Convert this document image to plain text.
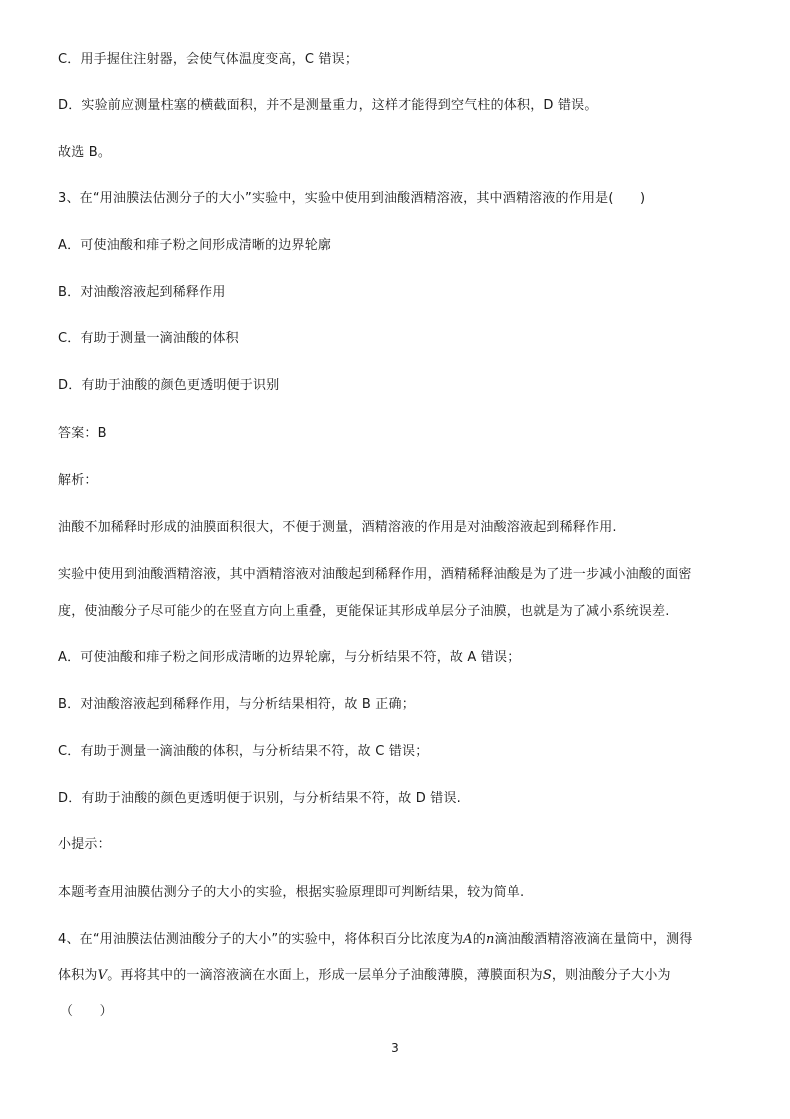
C．用手握住注射器，会使气体温度变高，C 错误；
D．实验前应测量柱塞的横截面积，并不是测量重力，这样才能得到空气柱的体积，D 错误。
故选 B。
3、在“用油膜法估测分子的大小”实验中，实验中使用到油酸酒精溶液，其中酒精溶液的作用是(　　)
A．可使油酸和痱子粉之间形成清晰的边界轮廓
B．对油酸溶液起到稀释作用
C．有助于测量一滴油酸的体积
D．有助于油酸的颜色更透明便于识别
答案：B
解析：
油酸不加稀释时形成的油膜面积很大，不便于测量，酒精溶液的作用是对油酸溶液起到稀释作用.
实验中使用到油酸酒精溶液，其中酒精溶液对油酸起到稀释作用，酒精稀释油酸是为了进一步减小油酸的面密
度，使油酸分子尽可能少的在竖直方向上重叠，更能保证其形成单层分子油膜，也就是为了减小系统误差.
A．可使油酸和痱子粉之间形成清晰的边界轮廓，与分析结果不符，故 A 错误；
B．对油酸溶液起到稀释作用，与分析结果相符，故 B 正确；
C．有助于测量一滴油酸的体积，与分析结果不符，故 C 错误；
D．有助于油酸的颜色更透明便于识别，与分析结果不符，故 D 错误.
小提示：
本题考查用油膜估测分子的大小的实验，根据实验原理即可判断结果，较为简单.
4、在“用油膜法估测油酸分子的大小”的实验中，将体积百分比浓度为A的n滴油酸酒精溶液滴在量筒中，测得
体积为V。再将其中的一滴溶液滴在水面上，形成一层单分子油酸薄膜，薄膜面积为S，则油酸分子大小为
（　　）
3
